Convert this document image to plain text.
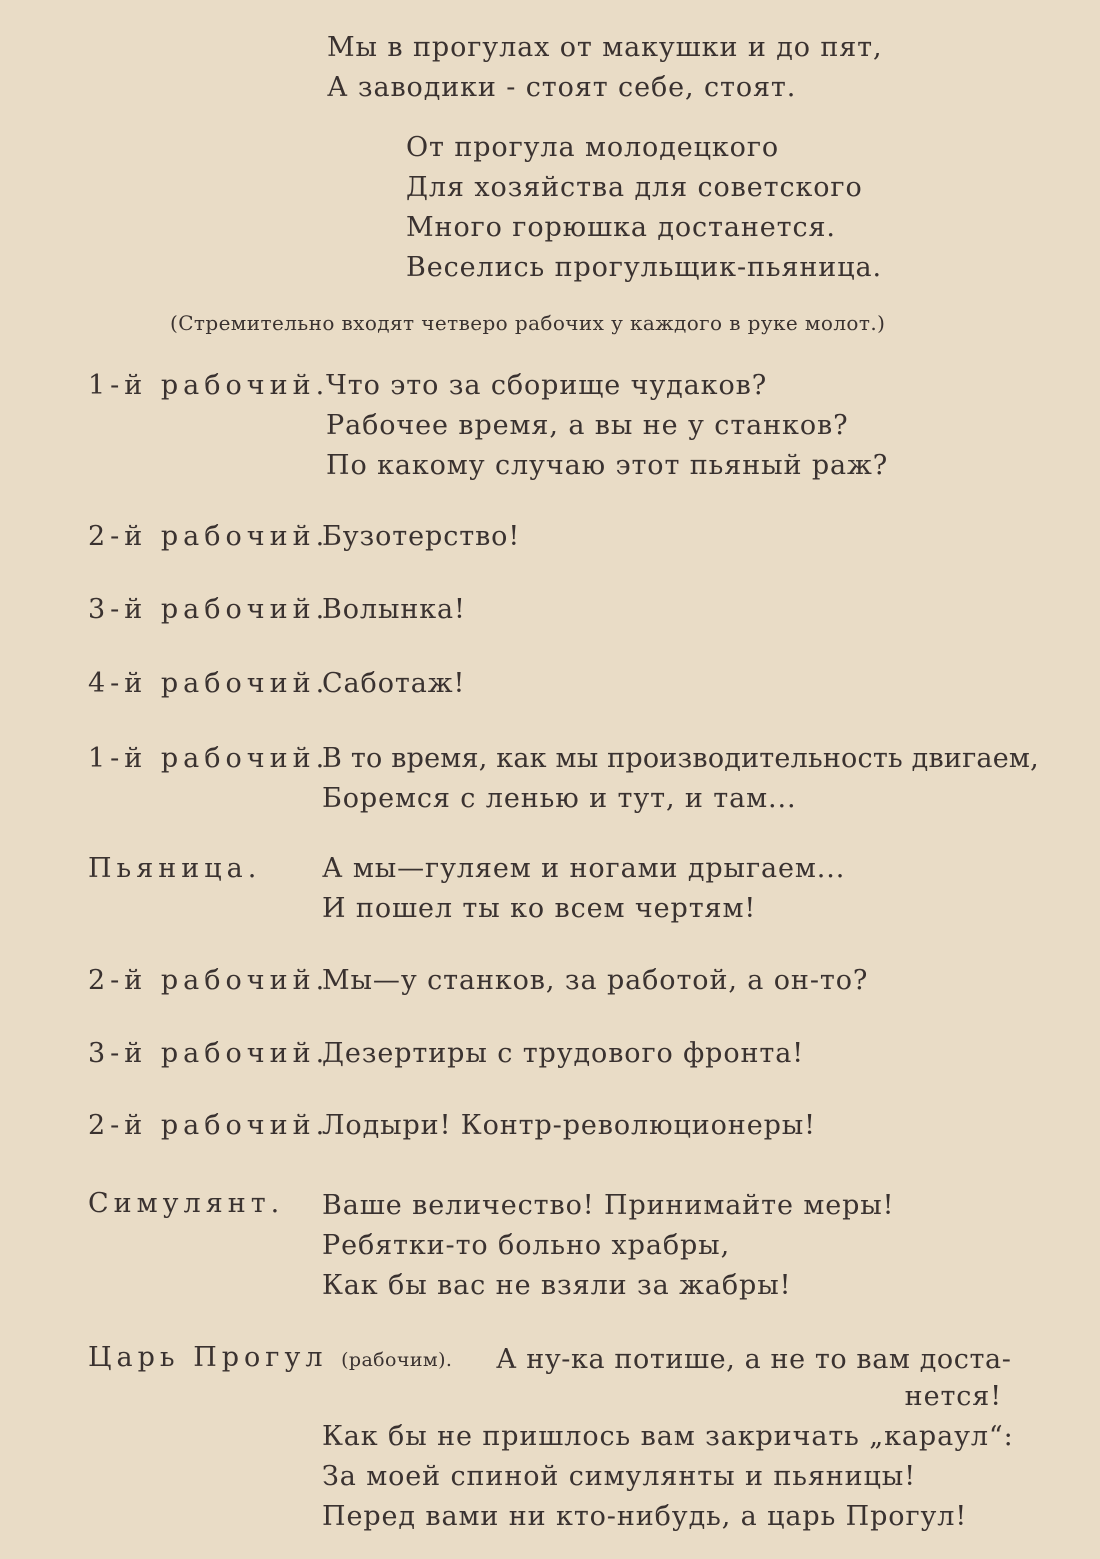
Мы в прогулах от макушки и до пят,

А заводики - стоят себе, стоят.

От прогула молодецкого

Для хозяйства для советского

Много горюшка достанется.

Веселись прогульщик-пьяница.

(Стремительно входят четверо рабочих у каждого в руке молот.)

1-й рабочий.

Что это за сборище чудаков?

Рабочее время, а вы не у станков?

По какому случаю этот пьяный раж?

2-й рабочий.

Бузотерство!

3-й рабочий.

Волынка!

4-й рабочий.

Саботаж!

1-й рабочий.

В то время, как мы производительность двигаем,

Боремся с ленью и тут, и там...

Пьяница. А мы—гуляем и ногами дрыгаем...

И пошел ты ко всем чертям!

2-й рабочий.

Мы—у станков, за работой, а он-то?

3-й рабочий.

Дезертиры с трудового фронта!

2-й рабочий.

Лодыри! Контр-революционеры!

Симулянт. Ваше величество! Принимайте меры!

Ребятки-то больно храбры,

Как бы вас не взяли за жабры!

Царь Прогул (рабочим). А ну-ка потише, а не то вам доста-

нется!

Как бы не пришлось вам закричать „караул“:

За моей спиной симулянты и пьяницы!

Перед вами ни кто-нибудь, а царь Прогул!
